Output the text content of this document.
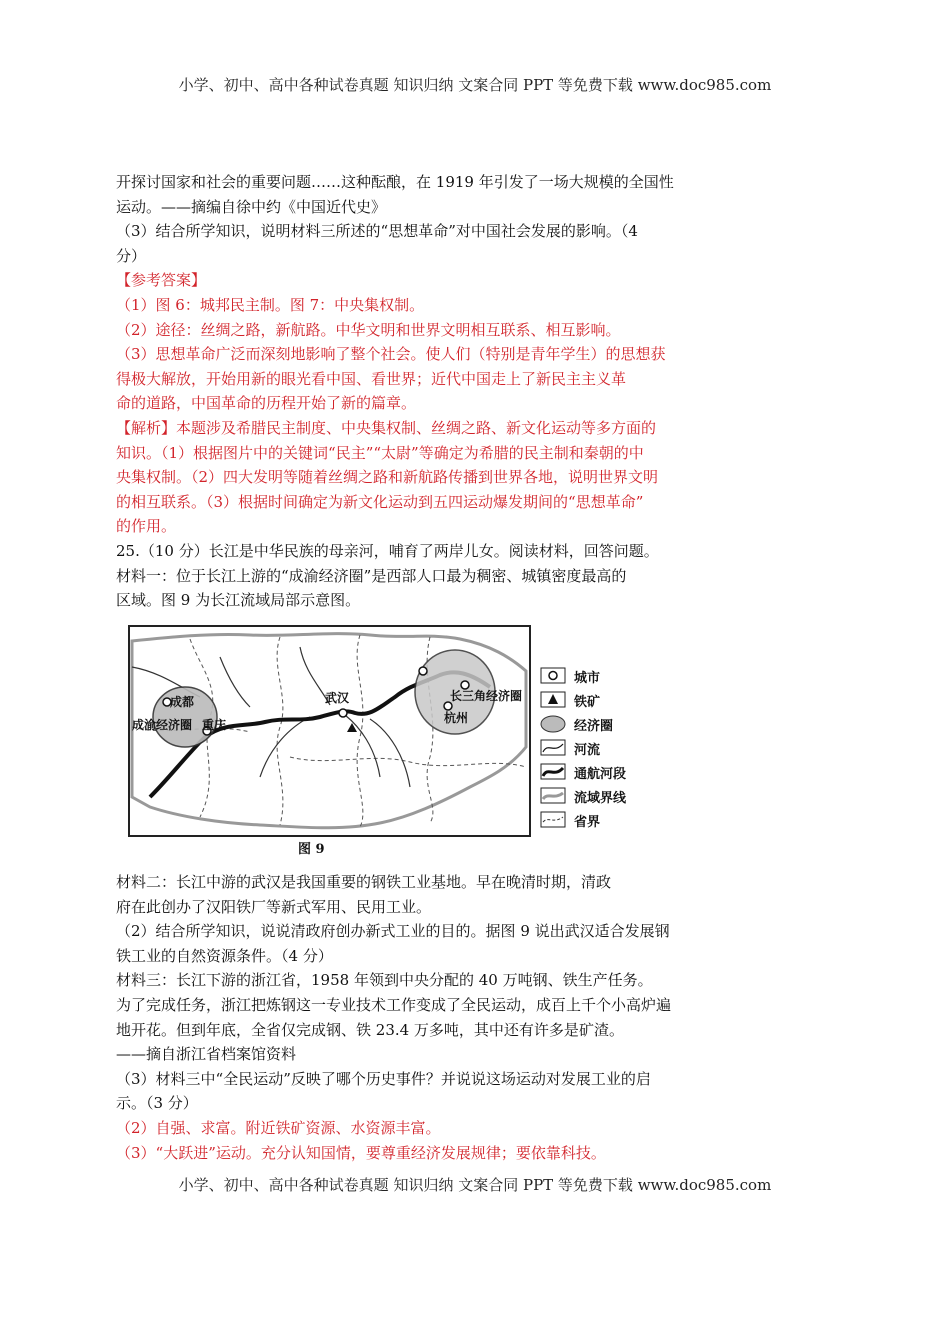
小学、初中、高中各种试卷真题 知识归纳 文案合同 PPT 等免费下载 www.doc985.com
开探讨国家和社会的重要问题……这种酝酿，在 1919 年引发了一场大规模的全国性
运动。——摘编自徐中约《中国近代史》
（3）结合所学知识，说明材料三所述的“思想革命”对中国社会发展的影响。（4
分）
【参考答案】
（1）图 6：城邦民主制。图 7：中央集权制。
（2）途径：丝绸之路，新航路。中华文明和世界文明相互联系、相互影响。
（3）思想革命广泛而深刻地影响了整个社会。使人们（特别是青年学生）的思想获
得极大解放，开始用新的眼光看中国、看世界；近代中国走上了新民主主义革
命的道路，中国革命的历程开始了新的篇章。
【解析】本题涉及希腊民主制度、中央集权制、丝绸之路、新文化运动等多方面的
知识。（1）根据图片中的关键词“民主”“太尉”等确定为希腊的民主制和秦朝的中
央集权制。（2）四大发明等随着丝绸之路和新航路传播到世界各地，说明世界文明
的相互联系。（3）根据时间确定为新文化运动到五四运动爆发期间的“思想革命”
的作用。
25.（10 分）长江是中华民族的母亲河，哺育了两岸儿女。阅读材料，回答问题。
材料一：位于长江上游的“成渝经济圈”是西部人口最为稠密、城镇密度最高的
区域。图 9 为长江流域局部示意图。
成都
重庆
成渝经济圈
武汉	长三角经济圈
杭州
城市
铁矿
经济圈
河流
通航河段
流域界线
省界
图 9
材料二：长江中游的武汉是我国重要的钢铁工业基地。早在晚清时期，清政
府在此创办了汉阳铁厂等新式军用、民用工业。
（2）结合所学知识，说说清政府创办新式工业的目的。据图 9 说出武汉适合发展钢
铁工业的自然资源条件。（4 分）
材料三：长江下游的浙江省，1958 年领到中央分配的 40 万吨钢、铁生产任务。
为了完成任务，浙江把炼钢这一专业技术工作变成了全民运动，成百上千个小高炉遍
地开花。但到年底，全省仅完成钢、铁 23.4 万多吨，其中还有许多是矿渣。
——摘自浙江省档案馆资料
（3）材料三中“全民运动”反映了哪个历史事件？并说说这场运动对发展工业的启
示。（3 分）
（2）自强、求富。附近铁矿资源、水资源丰富。
（3）“大跃进”运动。充分认知国情，要尊重经济发展规律；要依靠科技。
小学、初中、高中各种试卷真题 知识归纳 文案合同 PPT 等免费下载 www.doc985.com
